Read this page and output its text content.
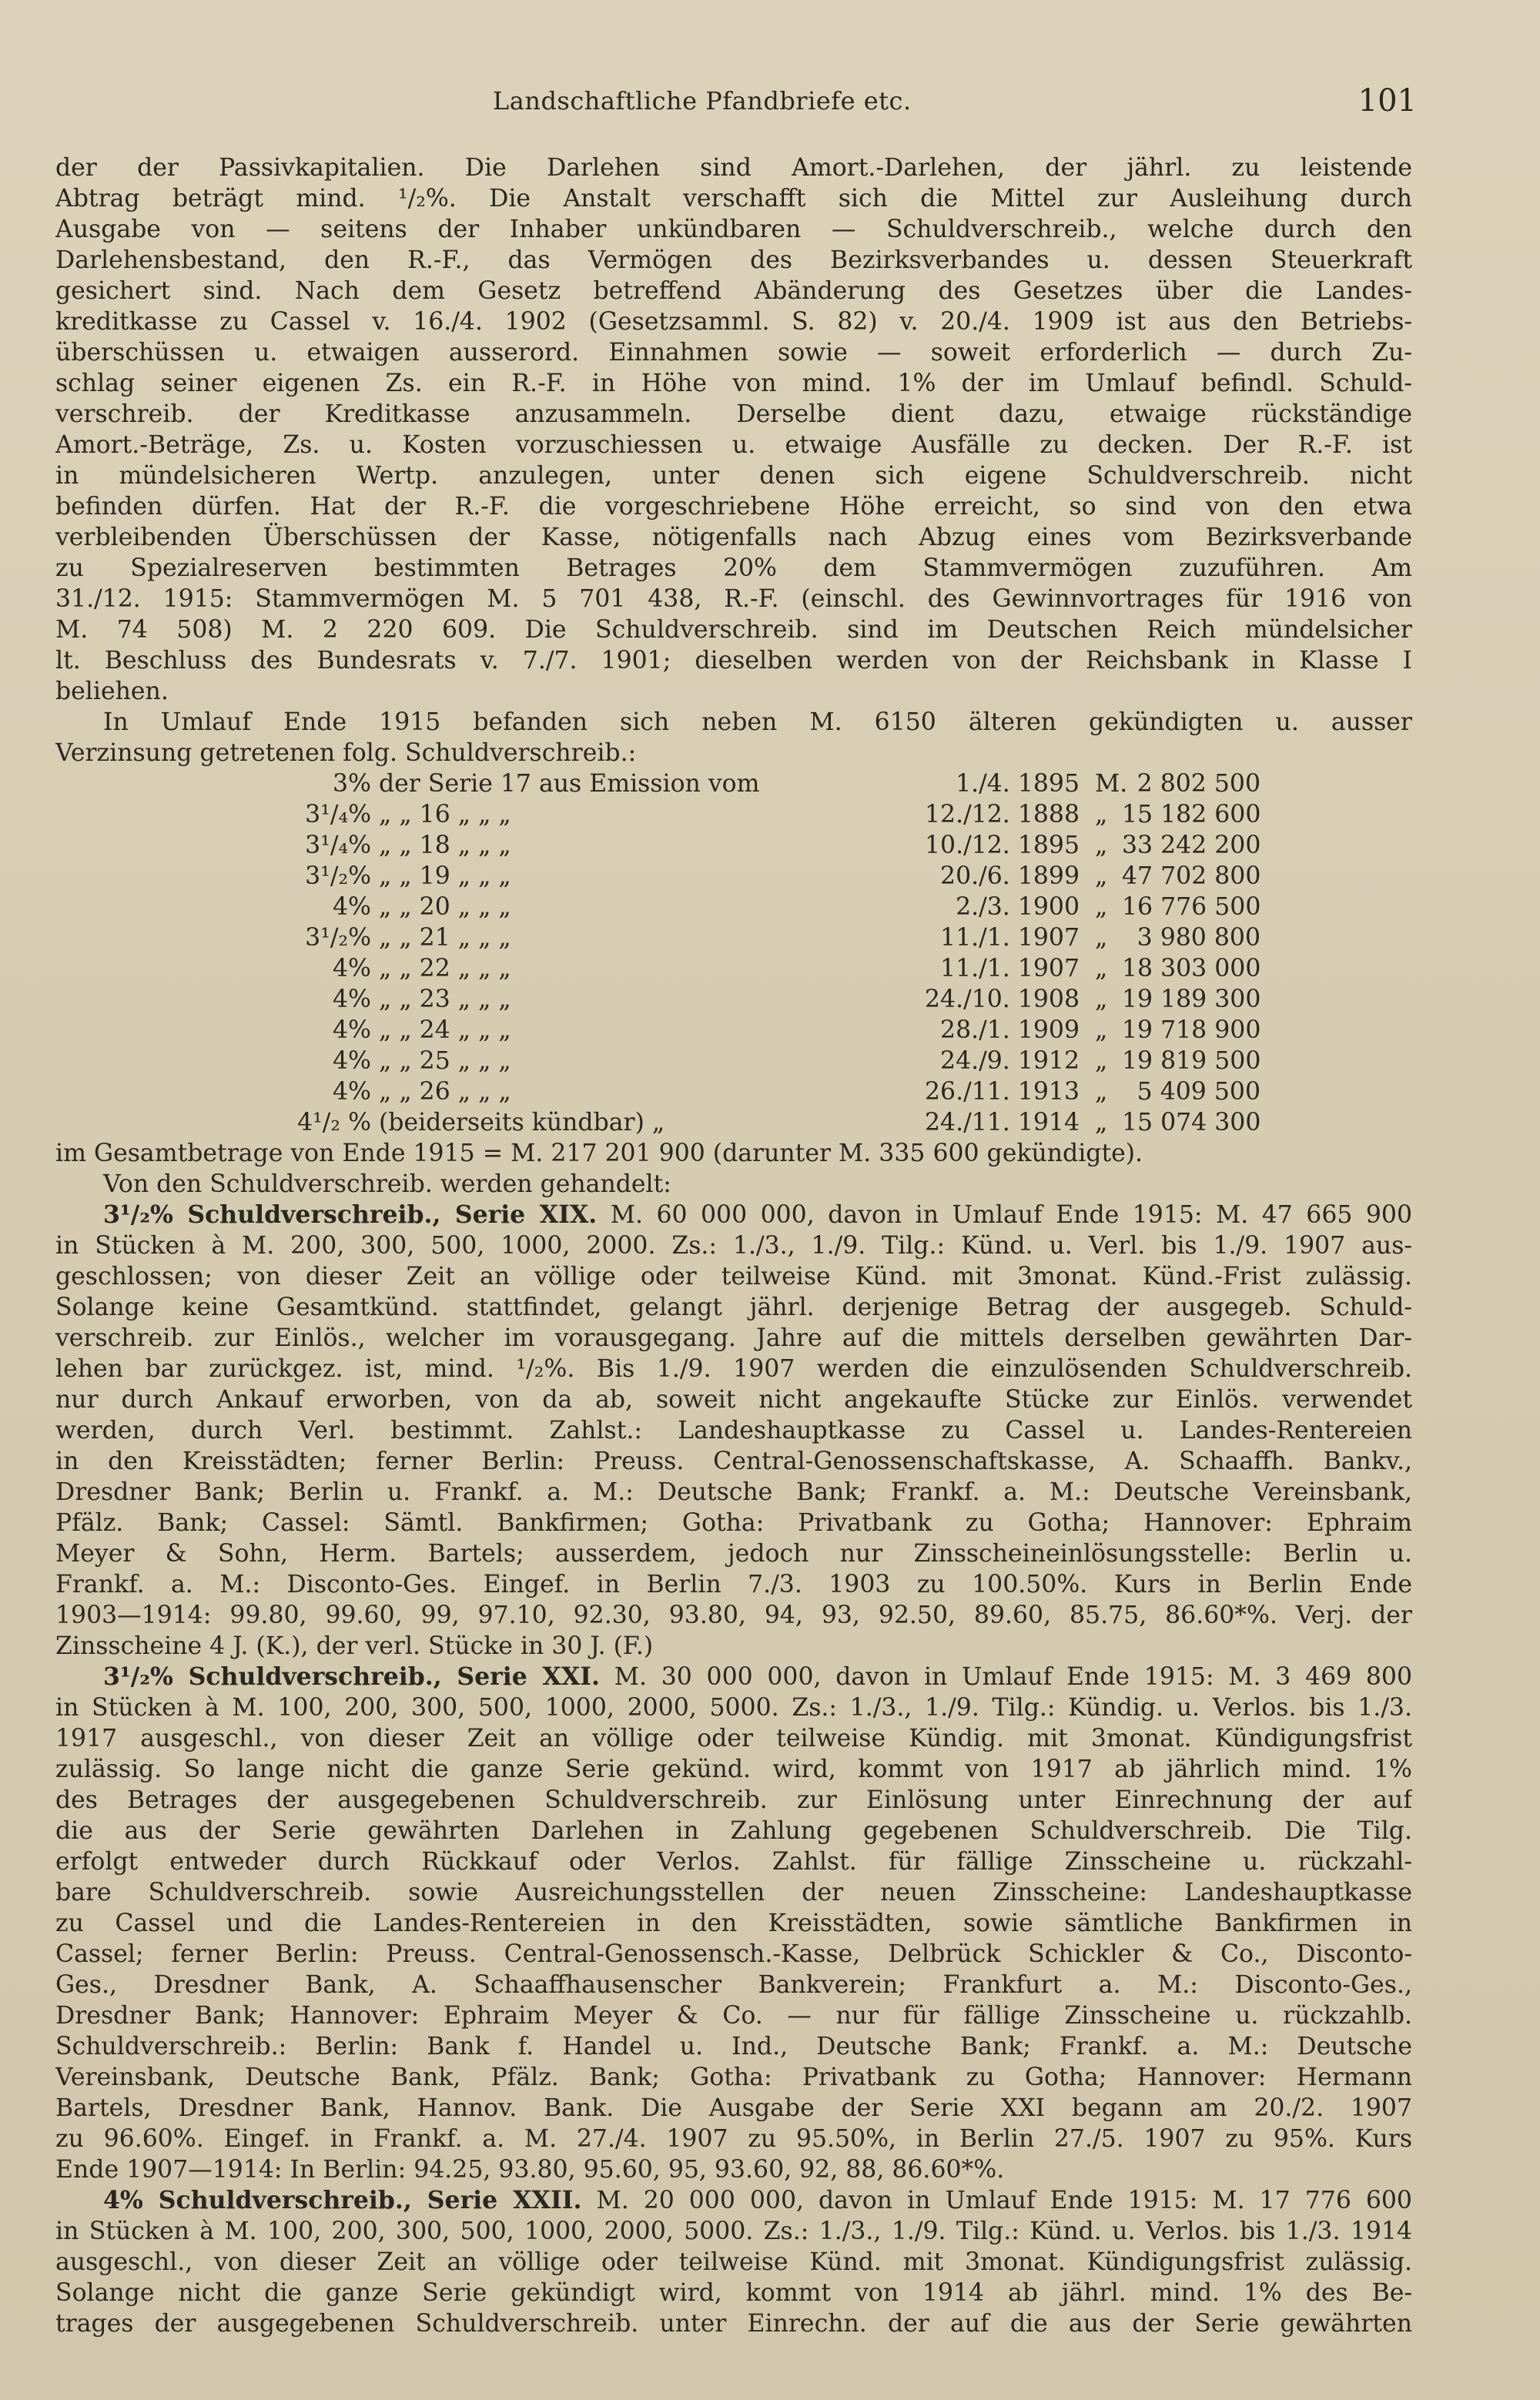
Landschaftliche Pfandbriefe etc.	101
der der Passivkapitalien. Die Darlehen sind Amort.-Darlehen, der jährl. zu leistende
Abtrag beträgt mind. ¹/₂%. Die Anstalt verschafft sich die Mittel zur Ausleihung durch
Ausgabe von — seitens der Inhaber unkündbaren — Schuldverschreib., welche durch den
Darlehensbestand, den R.-F., das Vermögen des Bezirksverbandes u. dessen Steuerkraft
gesichert sind. Nach dem Gesetz betreffend Abänderung des Gesetzes über die Landes-
kreditkasse zu Cassel v. 16./4. 1902 (Gesetzsamml. S. 82) v. 20./4. 1909 ist aus den Betriebs-
überschüssen u. etwaigen ausserord. Einnahmen sowie — soweit erforderlich — durch Zu-
schlag seiner eigenen Zs. ein R.-F. in Höhe von mind. 1% der im Umlauf befindl. Schuld-
verschreib. der Kreditkasse anzusammeln. Derselbe dient dazu, etwaige rückständige
Amort.-Beträge, Zs. u. Kosten vorzuschiessen u. etwaige Ausfälle zu decken. Der R.-F. ist
in mündelsicheren Wertp. anzulegen, unter denen sich eigene Schuldverschreib. nicht
befinden dürfen. Hat der R.-F. die vorgeschriebene Höhe erreicht, so sind von den etwa
verbleibenden Überschüssen der Kasse, nötigenfalls nach Abzug eines vom Bezirksverbande
zu Spezialreserven bestimmten Betrages 20% dem Stammvermögen zuzuführen. Am
31./12. 1915: Stammvermögen M. 5 701 438, R.-F. (einschl. des Gewinnvortrages für 1916 von
M. 74 508) M. 2 220 609. Die Schuldverschreib. sind im Deutschen Reich mündelsicher
lt. Beschluss des Bundesrats v. 7./7. 1901; dieselben werden von der Reichsbank in Klasse I
beliehen.
In Umlauf Ende 1915 befanden sich neben M. 6150 älteren gekündigten u. ausser
Verzinsung getretenen folg. Schuldverschreib.:
3% der Serie 17 aus Emission vom	1./4. 1895 M. 2 802 500
3¹/₄% „ „ 16 „ „ „	12./12. 1888 „ 15 182 600
3¹/₄% „ „ 18 „ „ „	10./12. 1895 „ 33 242 200
3¹/₂% „ „ 19 „ „ „	20./6. 1899 „ 47 702 800
4% „ „ 20 „ „ „	2./3. 1900 „ 16 776 500
3¹/₂% „ „ 21 „ „ „	11./1. 1907 „	3 980 800
4% „ „ 22 „ „ „	11./1. 1907 „ 18 303 000
4% „ „ 23 „ „ „	24./10. 1908 „ 19 189 300
4% „ „ 24 „ „ „	28./1. 1909 „ 19 718 900
4% „ „ 25 „ „ „	24./9. 1912 „ 19 819 500
4% „ „ 26 „ „ „	26./11. 1913 „	5 409 500
4¹/₂ % (beiderseits kündbar) „	24./11. 1914 „ 15 074 300
im Gesamtbetrage von Ende 1915 = M. 217 201 900 (darunter M. 335 600 gekündigte).
Von den Schuldverschreib. werden gehandelt:
3¹/₂% Schuldverschreib., Serie XIX. M. 60 000 000, davon in Umlauf Ende 1915: M. 47 665 900
in Stücken à M. 200, 300, 500, 1000, 2000. Zs.: 1./3., 1./9. Tilg.: Künd. u. Verl. bis 1./9. 1907 aus-
geschlossen; von dieser Zeit an völlige oder teilweise Künd. mit 3monat. Künd.-Frist zulässig.
Solange keine Gesamtkünd. stattfindet, gelangt jährl. derjenige Betrag der ausgegeb. Schuld-
verschreib. zur Einlös., welcher im vorausgegang. Jahre auf die mittels derselben gewährten Dar-
lehen bar zurückgez. ist, mind. ¹/₂%. Bis 1./9. 1907 werden die einzulösenden Schuldverschreib.
nur durch Ankauf erworben, von da ab, soweit nicht angekaufte Stücke zur Einlös. verwendet
werden, durch Verl. bestimmt. Zahlst.: Landeshauptkasse zu Cassel u. Landes-Rentereien
in den Kreisstädten; ferner Berlin: Preuss. Central-Genossenschaftskasse, A. Schaaffh. Bankv.,
Dresdner Bank; Berlin u. Frankf. a. M.: Deutsche Bank; Frankf. a. M.: Deutsche Vereinsbank,
Pfälz. Bank; Cassel: Sämtl. Bankfirmen; Gotha: Privatbank zu Gotha; Hannover: Ephraim
Meyer & Sohn, Herm. Bartels; ausserdem, jedoch nur Zinsscheineinlösungsstelle: Berlin u.
Frankf. a. M.: Disconto-Ges. Eingef. in Berlin 7./3. 1903 zu 100.50%. Kurs in Berlin Ende
1903—1914: 99.80, 99.60, 99, 97.10, 92.30, 93.80, 94, 93, 92.50, 89.60, 85.75, 86.60*%. Verj. der
Zinsscheine 4 J. (K.), der verl. Stücke in 30 J. (F.)
3¹/₂% Schuldverschreib., Serie XXI. M. 30 000 000, davon in Umlauf Ende 1915: M. 3 469 800
in Stücken à M. 100, 200, 300, 500, 1000, 2000, 5000. Zs.: 1./3., 1./9. Tilg.: Kündig. u. Verlos. bis 1./3.
1917 ausgeschl., von dieser Zeit an völlige oder teilweise Kündig. mit 3monat. Kündigungsfrist
zulässig. So lange nicht die ganze Serie gekünd. wird, kommt von 1917 ab jährlich mind. 1%
des Betrages der ausgegebenen Schuldverschreib. zur Einlösung unter Einrechnung der auf
die aus der Serie gewährten Darlehen in Zahlung gegebenen Schuldverschreib. Die Tilg.
erfolgt entweder durch Rückkauf oder Verlos. Zahlst. für fällige Zinsscheine u. rückzahl-
bare Schuldverschreib. sowie Ausreichungsstellen der neuen Zinsscheine: Landeshauptkasse
zu Cassel und die Landes-Rentereien in den Kreisstädten, sowie sämtliche Bankfirmen in
Cassel; ferner Berlin: Preuss. Central-Genossensch.-Kasse, Delbrück Schickler & Co., Disconto-
Ges., Dresdner Bank, A. Schaaffhausenscher Bankverein; Frankfurt a. M.: Disconto-Ges.,
Dresdner Bank; Hannover: Ephraim Meyer & Co. — nur für fällige Zinsscheine u. rückzahlb.
Schuldverschreib.: Berlin: Bank f. Handel u. Ind., Deutsche Bank; Frankf. a. M.: Deutsche
Vereinsbank, Deutsche Bank, Pfälz. Bank; Gotha: Privatbank zu Gotha; Hannover: Hermann
Bartels, Dresdner Bank, Hannov. Bank. Die Ausgabe der Serie XXI begann am 20./2. 1907
zu 96.60%. Eingef. in Frankf. a. M. 27./4. 1907 zu 95.50%, in Berlin 27./5. 1907 zu 95%. Kurs
Ende 1907—1914: In Berlin: 94.25, 93.80, 95.60, 95, 93.60, 92, 88, 86.60*%.
4% Schuldverschreib., Serie XXII. M. 20 000 000, davon in Umlauf Ende 1915: M. 17 776 600
in Stücken à M. 100, 200, 300, 500, 1000, 2000, 5000. Zs.: 1./3., 1./9. Tilg.: Künd. u. Verlos. bis 1./3. 1914
ausgeschl., von dieser Zeit an völlige oder teilweise Künd. mit 3monat. Kündigungsfrist zulässig.
Solange nicht die ganze Serie gekündigt wird, kommt von 1914 ab jährl. mind. 1% des Be-
trages der ausgegebenen Schuldverschreib. unter Einrechn. der auf die aus der Serie gewährten
